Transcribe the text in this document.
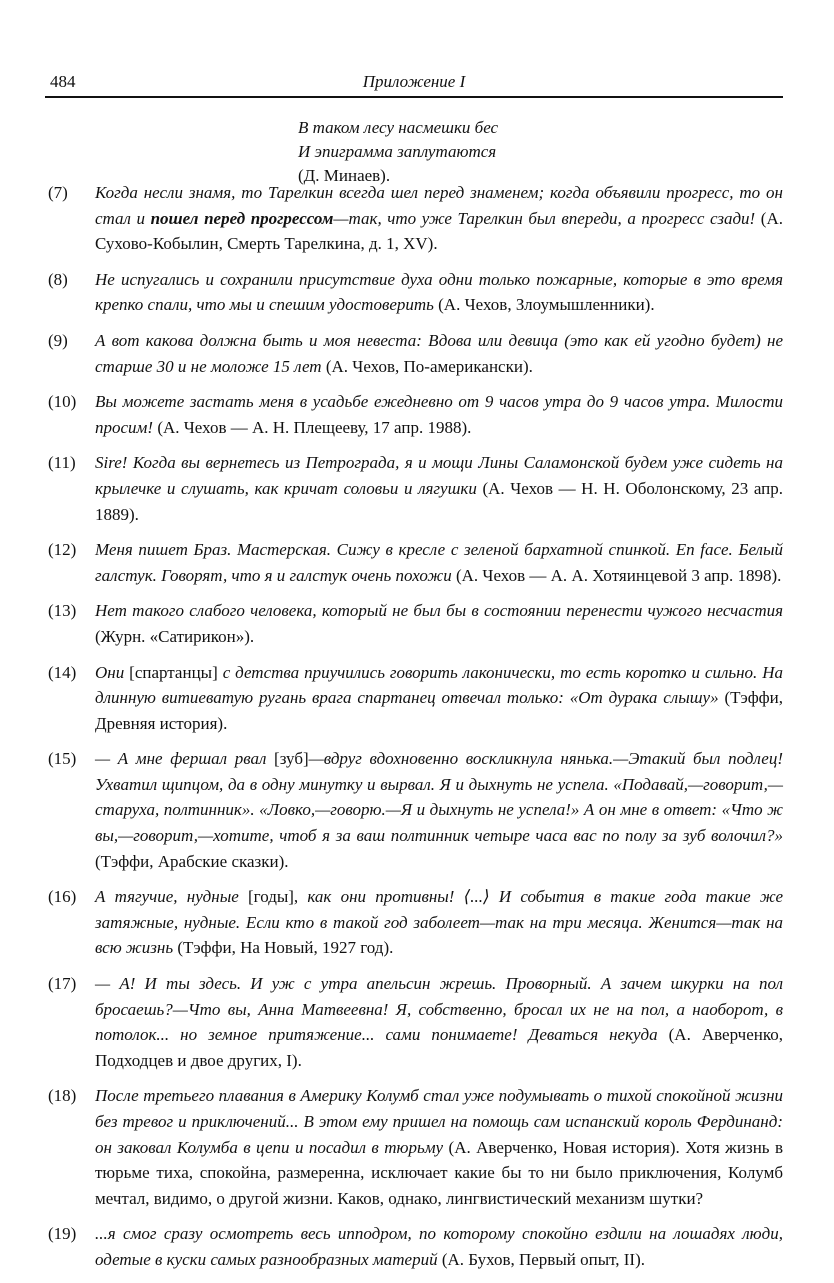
484	Приложение I
В таком лесу насмешки бес
И эпиграмма заплутаются
(Д. Минаев).
(7) Когда несли знамя, то Тарелкин всегда шел перед знаменем; когда объявили прогресс, то он стал и пошел перед прогрессом—так, что уже Тарелкин был впереди, а прогресс сзади! (А. Сухово-Кобылин, Смерть Тарелкина, д. 1, XV).
(8) Не испугались и сохранили присутствие духа одни только пожарные, которые в это время крепко спали, что мы и спешим удостоверить (А. Чехов, Злоумышленники).
(9) А вот какова должна быть и моя невеста: Вдова или девица (это как ей угодно будет) не старше 30 и не моложе 15 лет (А. Чехов, По-американски).
(10) Вы можете застать меня в усадьбе ежедневно от 9 часов утра до 9 часов утра. Милости просим! (А. Чехов — А. Н. Плещееву, 17 апр. 1988).
(11) Sire! Когда вы вернетесь из Петрограда, я и мощи Лины Саламонской будем уже сидеть на крылечке и слушать, как кричат соловьи и лягушки (А. Чехов — Н. Н. Оболонскому, 23 апр. 1889).
(12) Меня пишет Браз. Мастерская. Сижу в кресле с зеленой бархатной спинкой. En face. Белый галстук. Говорят, что я и галстук очень похожи (А. Чехов — А. А. Хотяинцевой 3 апр. 1898).
(13) Нет такого слабого человека, который не был бы в состоянии перенести чужого несчастия (Журн. «Сатирикон»).
(14) Они [спартанцы] с детства приучились говорить лаконически, то есть коротко и сильно. На длинную витиеватую ругань врага спартанец отвечал только: «От дурака слышу» (Тэффи, Древняя история).
(15) — А мне фершал рвал [зуб]—вдруг вдохновенно воскликнула нянька.—Этакий был подлец! Ухватил щипцом, да в одну минутку и вырвал. Я и дыхнуть не успела. «Подавай,—говорит,—старуха, полтинник». «Ловко,—говорю.—Я и дыхнуть не успела!» А он мне в ответ: «Что ж вы,—говорит,—хотите, чтоб я за ваш полтинник четыре часа вас по полу за зуб волочил?» (Тэффи, Арабские сказки).
(16) А тягучие, нудные [годы], как они противны! ⟨...⟩ И события в такие года такие же затяжные, нудные. Если кто в такой год заболеет—так на три месяца. Женится—так на всю жизнь (Тэффи, На Новый, 1927 год).
(17) — А! И ты здесь. И уж с утра апельсин жрешь. Проворный. А зачем шкурки на пол бросаешь?—Что вы, Анна Матвеевна! Я, собственно, бросал их не на пол, а наоборот, в потолок... но земное притяжение... сами понимаете! Деваться некуда (А. Аверченко, Подходцев и двое других, I).
(18) После третьего плавания в Америку Колумб стал уже подумывать о тихой спокойной жизни без тревог и приключений... В этом ему пришел на помощь сам испанский король Фердинанд: он заковал Колумба в цепи и посадил в тюрьму (А. Аверченко, Новая история). Хотя жизнь в тюрьме тиха, спокойна, размеренна, исключает какие бы то ни было приключения, Колумб мечтал, видимо, о другой жизни. Каков, однако, лингвистический механизм шутки?
(19) ...я смог сразу осмотреть весь ипподром, по которому спокойно ездили на лошадях люди, одетые в куски самых разнообразных материй (А. Бухов, Первый опыт, II).
